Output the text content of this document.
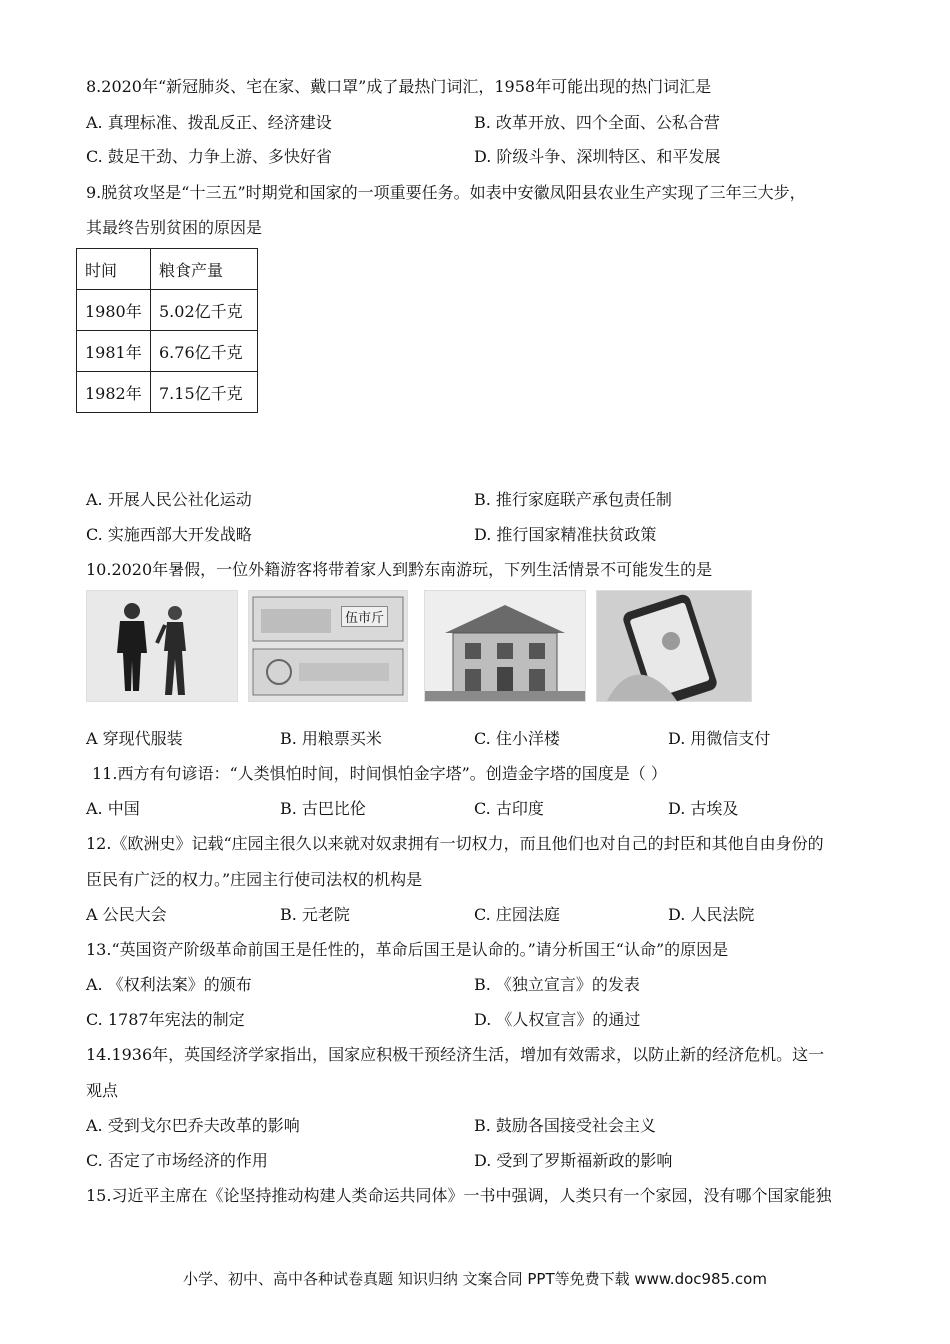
8.2020年“新冠肺炎、宅在家、戴口罩”成了最热门词汇，1958年可能出现的热门词汇是
A. 真理标准、拨乱反正、经济建设	B. 改革开放、四个全面、公私合营
C. 鼓足干劲、力争上游、多快好省	D. 阶级斗争、深圳特区、和平发展
9.脱贫攻坚是“十三五”时期党和国家的一项重要任务。如表中安徽凤阳县农业生产实现了三年三大步，
其最终告别贫困的原因是
时间	粮食产量
1980年	5.02亿千克
1981年	6.76亿千克
1982年	7.15亿千克
A. 开展人民公社化运动	B. 推行家庭联产承包责任制
C. 实施西部大开发战略	D. 推行国家精准扶贫政策
10.2020年暑假，一位外籍游客将带着家人到黔东南游玩，下列生活情景不可能发生的是
伍市斤
A 穿现代服装	B. 用粮票买米	C. 住小洋楼	D. 用微信支付
11.西方有句谚语：“人类惧怕时间，时间惧怕金字塔”。创造金字塔的国度是（ ）
A. 中国	B. 古巴比伦	C. 古印度	D. 古埃及
12.《欧洲史》记载“庄园主很久以来就对奴隶拥有一切权力，而且他们也对自己的封臣和其他自由身份的
臣民有广泛的权力。”庄园主行使司法权的机构是
A 公民大会	B. 元老院	C. 庄园法庭	D. 人民法院
13.“英国资产阶级革命前国王是任性的，革命后国王是认命的。”请分析国王“认命”的原因是
A. 《权利法案》的颁布	B. 《独立宣言》的发表
C. 1787年宪法的制定	D. 《人权宣言》的通过
14.1936年，英国经济学家指出，国家应积极干预经济生活，增加有效需求，以防止新的经济危机。这一
观点
A. 受到戈尔巴乔夫改革的影响	B. 鼓励各国接受社会主义
C. 否定了市场经济的作用	D. 受到了罗斯福新政的影响
15.习近平主席在《论坚持推动构建人类命运共同体》一书中强调，人类只有一个家园，没有哪个国家能独
小学、初中、高中各种试卷真题 知识归纳 文案合同 PPT等免费下载 www.doc985.com
